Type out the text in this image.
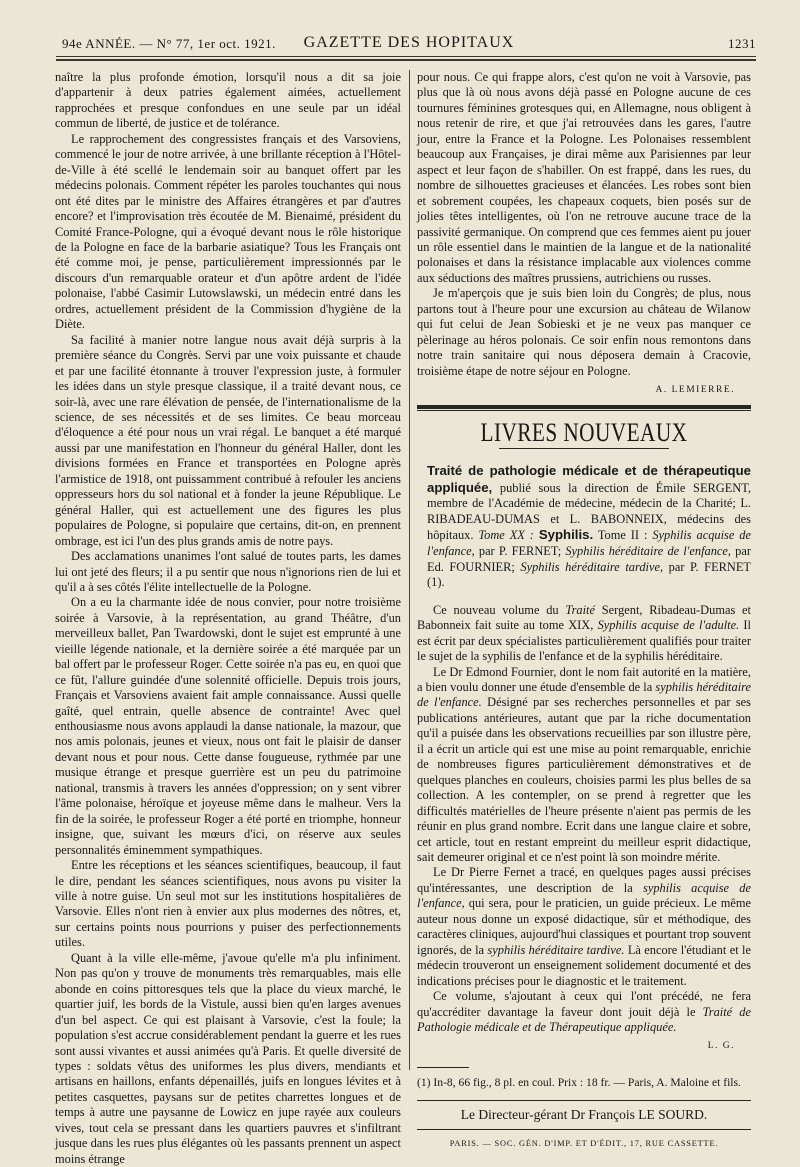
94e ANNÉE. — N° 77, 1er oct. 1921.	GAZETTE DES HOPITAUX	1231

naître la plus profonde émotion, lorsqu'il nous a dit sa joie d'appartenir à deux patries également aimées, actuellement rapprochées et presque confondues en une seule par un idéal commun de liberté, de justice et de tolérance.

Le rapprochement des congressistes français et des Varsoviens, commencé le jour de notre arrivée, à une brillante réception à l'Hôtel-de-Ville à été scellé le lendemain soir au banquet offert par les médecins polonais. Comment répéter les paroles touchantes qui nous ont été dites par le ministre des Affaires étrangères et par d'autres encore? et l'improvisation très écoutée de M. Bienaimé, président du Comité France-Pologne, qui a évoqué devant nous le rôle historique de la Pologne en face de la barbarie asiatique? Tous les Français ont été comme moi, je pense, particulièrement impressionnés par le discours d'un remarquable orateur et d'un apôtre ardent de l'idée polonaise, l'abbé Casimir Lutowslawski, un médecin entré dans les ordres, actuellement président de la Commission d'hygiène de la Diète.

Sa facilité à manier notre langue nous avait déjà surpris à la première séance du Congrès. Servi par une voix puissante et chaude et par une facilité étonnante à trouver l'expression juste, à formuler les idées dans un style presque classique, il a traité devant nous, ce soir-là, avec une rare élévation de pensée, de l'internationalisme de la science, de ses nécessités et de ses limites. Ce beau morceau d'éloquence a été pour nous un vrai régal. Le banquet a été marqué aussi par une manifestation en l'honneur du général Haller, dont les divisions formées en France et transportées en Pologne après l'armistice de 1918, ont puissamment contribué à refouler les anciens oppresseurs hors du sol national et à fonder la jeune République. Le général Haller, qui est actuellement une des figures les plus populaires de Pologne, si populaire que certains, dit-on, en prennent ombrage, est ici l'un des plus grands amis de notre pays.

Des acclamations unanimes l'ont salué de toutes parts, les dames lui ont jeté des fleurs; il a pu sentir que nous n'ignorions rien de lui et qu'il a à ses côtés l'élite intellectuelle de la Pologne.

On a eu la charmante idée de nous convier, pour notre troisième soirée à Varsovie, à la représentation, au grand Théâtre, d'un merveilleux ballet, Pan Twardowski, dont le sujet est emprunté à une vieille légende nationale, et la dernière soirée a été marquée par un bal offert par le professeur Roger. Cette soirée n'a pas eu, en quoi que ce fût, l'allure guindée d'une solennité officielle. Depuis trois jours, Français et Varsoviens avaient fait ample connaissance. Aussi quelle gaîté, quel entrain, quelle absence de contrainte! Avec quel enthousiasme nous avons applaudi la danse nationale, la mazour, que nos amis polonais, jeunes et vieux, nous ont fait le plaisir de danser devant nous et pour nous. Cette danse fougueuse, rythmée par une musique étrange et presque guerrière est un peu du patrimoine national, transmis à travers les années d'oppression; on y sent vibrer l'âme polonaise, héroïque et joyeuse même dans le malheur. Vers la fin de la soirée, le professeur Roger a été porté en triomphe, honneur insigne, que, suivant les mœurs d'ici, on réserve aux seules personnalités éminemment sympathiques.

Entre les réceptions et les séances scientifiques, beaucoup, il faut le dire, pendant les séances scientifiques, nous avons pu visiter la ville à notre guise. Un seul mot sur les institutions hospitalières de Varsovie. Elles n'ont rien à envier aux plus modernes des nôtres, et, sur certains points nous pourrions y puiser des perfectionnements utiles.

Quant à la ville elle-même, j'avoue qu'elle m'a plu infiniment. Non pas qu'on y trouve de monuments très remarquables, mais elle abonde en coins pittoresques tels que la place du vieux marché, le quartier juif, les bords de la Vistule, aussi bien qu'en larges avenues d'un bel aspect. Ce qui est plaisant à Varsovie, c'est la foule; la population s'est accrue considérablement pendant la guerre et les rues sont aussi vivantes et aussi animées qu'à Paris. Et quelle diversité de types : soldats vêtus des uniformes les plus divers, mendiants et artisans en haillons, enfants dépenaillés, juifs en longues lévites et à petites casquettes, paysans sur de petites charrettes longues et de temps à autre une paysanne de Lowicz en jupe rayée aux couleurs vives, tout cela se pressant dans les quartiers pauvres et s'infiltrant jusque dans les rues plus élégantes où les passants prennent un aspect moins étrange

pour nous. Ce qui frappe alors, c'est qu'on ne voit à Varsovie, pas plus que là où nous avons déjà passé en Pologne aucune de ces tournures féminines grotesques qui, en Allemagne, nous obligent à nous retenir de rire, et que j'ai retrouvées dans les gares, l'autre jour, entre la France et la Pologne. Les Polonaises ressemblent beaucoup aux Françaises, je dirai même aux Parisiennes par leur aspect et leur façon de s'habiller. On est frappé, dans les rues, du nombre de silhouettes gracieuses et élancées. Les robes sont bien et sobrement coupées, les chapeaux coquets, bien posés sur de jolies têtes intelligentes, où l'on ne retrouve aucune trace de la passivité germanique. On comprend que ces femmes aient pu jouer un rôle essentiel dans le maintien de la langue et de la nationalité polonaises et dans la résistance implacable aux violences comme aux séductions des maîtres prussiens, autrichiens ou russes.

Je m'aperçois que je suis bien loin du Congrès; de plus, nous partons tout à l'heure pour une excursion au château de Wilanow qui fut celui de Jean Sobieski et je ne veux pas manquer ce pèlerinage au héros polonais. Ce soir enfin nous remontons dans notre train sanitaire qui nous déposera demain à Cracovie, troisième étape de notre séjour en Pologne.

A. LEMIERRE.

LIVRES NOUVEAUX

Traité de pathologie médicale et de thérapeutique appliquée, publié sous la direction de Émile SERGENT, membre de l'Académie de médecine, médecin de la Charité; L. RIBADEAU-DUMAS et L. BABONNEIX, médecins des hôpitaux. Tome XX : Syphilis. Tome II : Syphilis acquise de l'enfance, par P. FERNET; Syphilis héréditaire de l'enfance, par Ed. FOURNIER; Syphilis héréditaire tardive, par P. FERNET (1).

Ce nouveau volume du Traité Sergent, Ribadeau-Dumas et Babonneix fait suite au tome XIX, Syphilis acquise de l'adulte. Il est écrit par deux spécialistes particulièrement qualifiés pour traiter le sujet de la syphilis de l'enfance et de la syphilis héréditaire.

Le Dr Edmond Fournier, dont le nom fait autorité en la matière, a bien voulu donner une étude d'ensemble de la syphilis héréditaire de l'enfance. Désigné par ses recherches personnelles et par ses publications antérieures, autant que par la riche documentation qu'il a puisée dans les observations recueillies par son illustre père, il a écrit un article qui est une mise au point remarquable, enrichie de nombreuses figures particulièrement démonstratives et de quelques planches en couleurs, choisies parmi les plus belles de sa collection. A les contempler, on se prend à regretter que les difficultés matérielles de l'heure présente n'aient pas permis de les réunir en plus grand nombre. Ecrit dans une langue claire et sobre, cet article, tout en restant empreint du meilleur esprit didactique, sait demeurer original et ce n'est point là son moindre mérite.

Le Dr Pierre Fernet a tracé, en quelques pages aussi précises qu'intéressantes, une description de la syphilis acquise de l'enfance, qui sera, pour le praticien, un guide précieux. Le même auteur nous donne un exposé didactique, sûr et méthodique, des caractères cliniques, aujourd'hui classiques et pourtant trop souvent ignorés, de la syphilis héréditaire tardive. Là encore l'étudiant et le médecin trouveront un enseignement solidement documenté et des indications précises pour le diagnostic et le traitement.

Ce volume, s'ajoutant à ceux qui l'ont précédé, ne fera qu'accréditer davantage la faveur dont jouit déjà le Traité de Pathologie médicale et de Thérapeutique appliquée.

L. G.

(1) In-8, 66 fig., 8 pl. en coul. Prix : 18 fr. — Paris, A. Maloine et fils.

Le Directeur-gérant Dr François LE SOURD.

PARIS. — SOC. GÉN. D'IMP. ET D'ÉDIT., 17, RUE CASSETTE.
